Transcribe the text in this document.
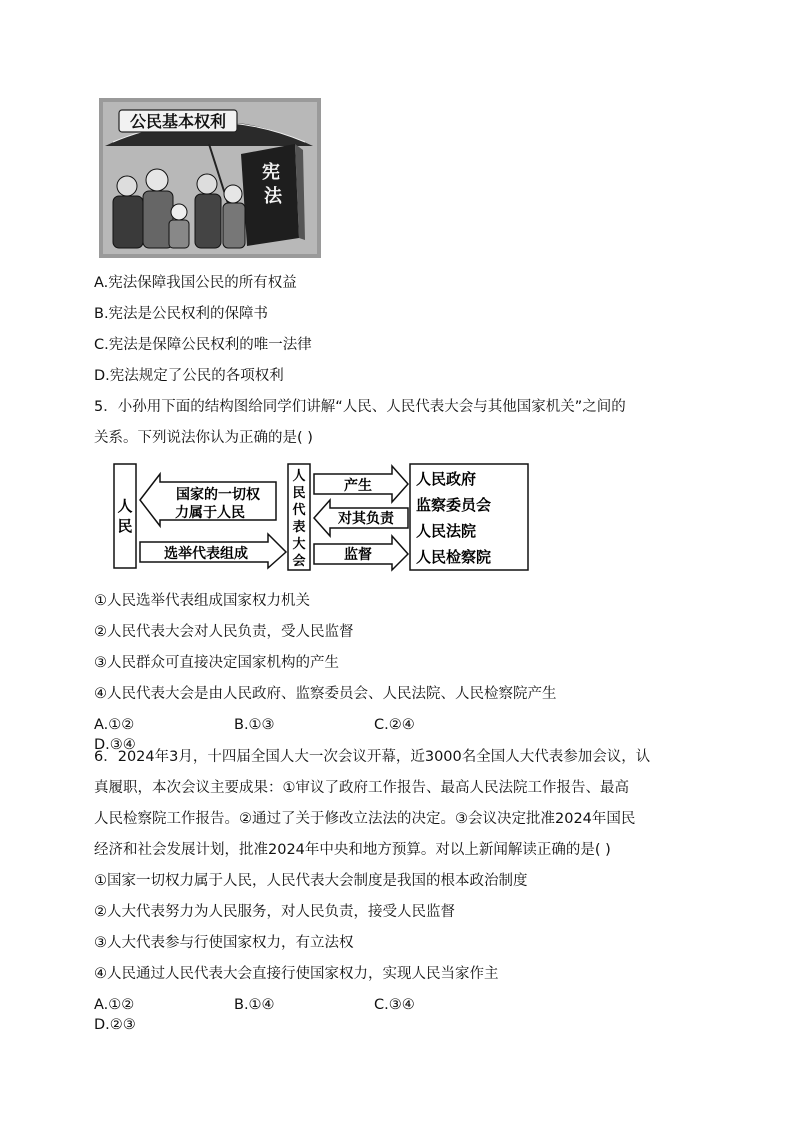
公民基本权利
宪
法
A.宪法保障我国公民的所有权益
B.宪法是公民权利的保障书
C.宪法是保障公民权利的唯一法律
D.宪法规定了公民的各项权利
5．小孙用下面的结构图给同学们讲解“人民、人民代表大会与其他国家机关”之间的
关系。下列说法你认为正确的是( )
人
民
国家的一切权
力属于人民
选举代表组成
人
民
代
表
大
会
产生
对其负责
监督
人民政府
监察委员会
人民法院
人民检察院
①人民选举代表组成国家权力机关
②人民代表大会对人民负责，受人民监督
③人民群众可直接决定国家机构的产生
④人民代表大会是由人民政府、监察委员会、人民法院、人民检察院产生
A.①②	B.①③	C.②④D.③④
6．2024年3月，十四届全国人大一次会议开幕，近3000名全国人大代表参加会议，认
真履职，本次会议主要成果：①审议了政府工作报告、最高人民法院工作报告、最高
人民检察院工作报告。②通过了关于修改立法法的决定。③会议决定批准2024年国民
经济和社会发展计划，批准2024年中央和地方预算。对以上新闻解读正确的是( )
①国家一切权力属于人民，人民代表大会制度是我国的根本政治制度
②人大代表努力为人民服务，对人民负责，接受人民监督
③人大代表参与行使国家权力，有立法权
④人民通过人民代表大会直接行使国家权力，实现人民当家作主
A.①②	B.①④	C.③④D.②③
